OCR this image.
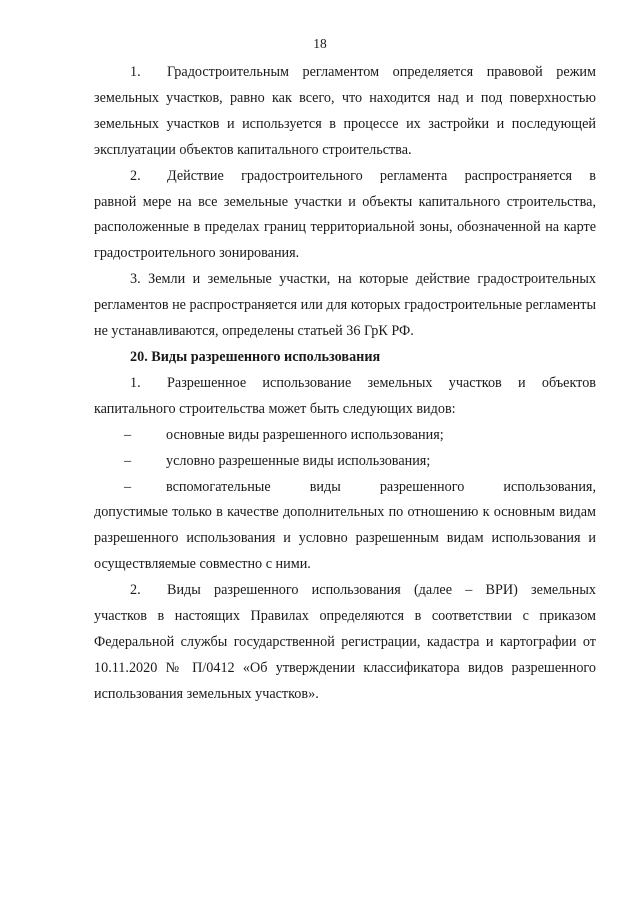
18
1. Градостроительным регламентом определяется правовой режим
земельных участков, равно как всего, что находится над и под поверхностью земельных участков и используется в процессе их застройки и последующей эксплуатации объектов капитального строительства.
2. Действие градостроительного регламента распространяется в
равной мере на все земельные участки и объекты капитального строительства, расположенные в пределах границ территориальной зоны, обозначенной на карте градостроительного зонирования.
3. Земли и земельные участки, на которые действие градостроительных регламентов не распространяется или для которых градостроительные регламенты не устанавливаются, определены статьей 36 ГрК РФ.
20. Виды разрешенного использования
1. Разрешенное использование земельных участков и объектов
капитального строительства может быть следующих видов:
–	основные виды разрешенного использования;
–	условно разрешенные виды использования;
–	вспомогательные виды разрешенного использования,
допустимые только в качестве дополнительных по отношению к основным видам разрешенного использования и условно разрешенным видам использования и осуществляемые совместно с ними.
2. Виды разрешенного использования (далее – ВРИ) земельных
участков в настоящих Правилах определяются в соответствии с приказом Федеральной службы государственной регистрации, кадастра и картографии от 10.11.2020 № П/0412 «Об утверждении классификатора видов разрешенного использования земельных участков».
